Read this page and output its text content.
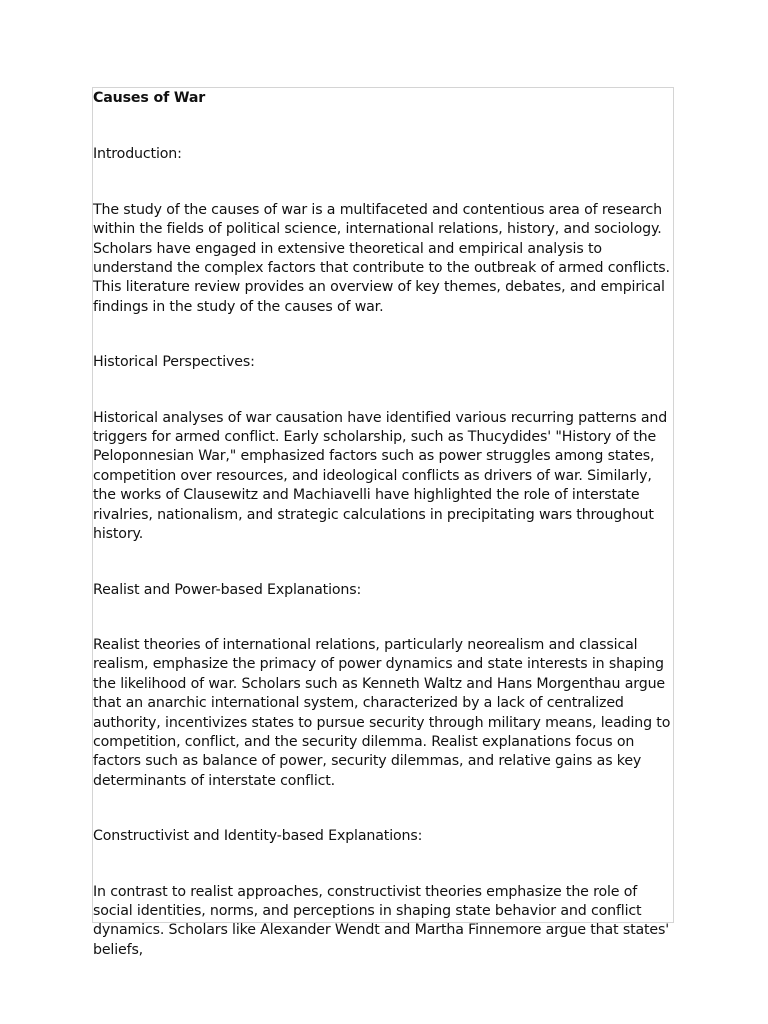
Causes of War

Introduction:

The study of the causes of war is a multifaceted and contentious area of research within the fields of political science, international relations, history, and sociology. Scholars have engaged in extensive theoretical and empirical analysis to understand the complex factors that contribute to the outbreak of armed conflicts. This literature review provides an overview of key themes, debates, and empirical findings in the study of the causes of war.

Historical Perspectives:

Historical analyses of war causation have identified various recurring patterns and triggers for armed conflict. Early scholarship, such as Thucydides' "History of the Peloponnesian War," emphasized factors such as power struggles among states, competition over resources, and ideological conflicts as drivers of war. Similarly, the works of Clausewitz and Machiavelli have highlighted the role of interstate rivalries, nationalism, and strategic calculations in precipitating wars throughout history.

Realist and Power-based Explanations:

Realist theories of international relations, particularly neorealism and classical realism, emphasize the primacy of power dynamics and state interests in shaping the likelihood of war. Scholars such as Kenneth Waltz and Hans Morgenthau argue that an anarchic international system, characterized by a lack of centralized authority, incentivizes states to pursue security through military means, leading to competition, conflict, and the security dilemma. Realist explanations focus on factors such as balance of power, security dilemmas, and relative gains as key determinants of interstate conflict.

Constructivist and Identity-based Explanations:

In contrast to realist approaches, constructivist theories emphasize the role of social identities, norms, and perceptions in shaping state behavior and conflict dynamics. Scholars like Alexander Wendt and Martha Finnemore argue that states' beliefs,
